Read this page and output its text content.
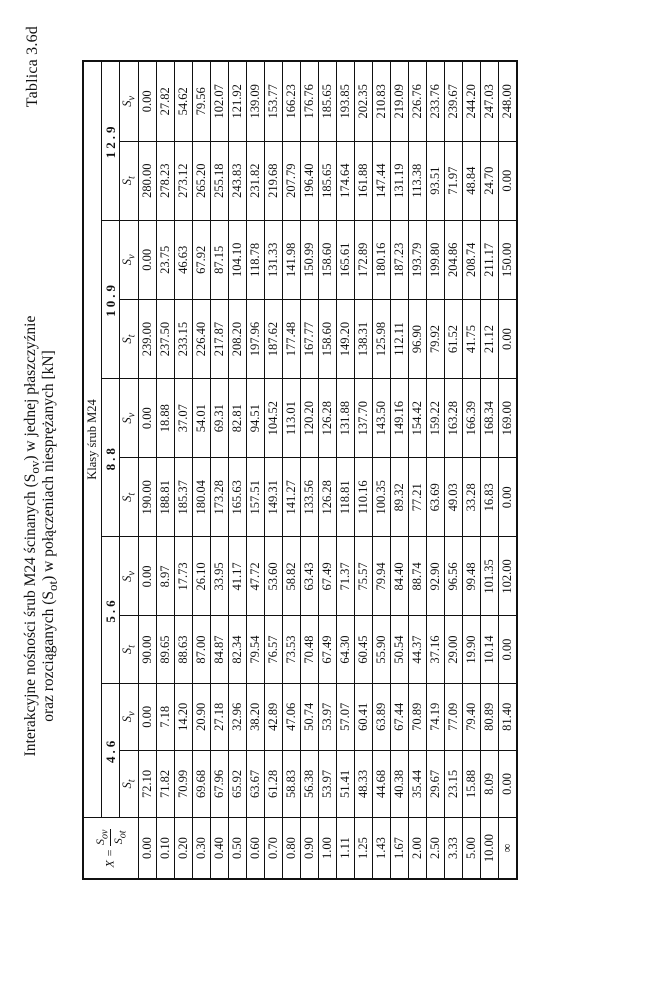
Tablica 3.6d
Interakcyjne nośności śrub M24 ścinanych $(S_{ov})$ w jednej płaszczyźnie
oraz rozciąganych $(S_{ot})$ w połączeniach niesprężanych [kN]
X =
$S_{ov}$
$S_{ot}$	Klasy śrub M24									
	4.6		5.6		8.8		10.9		12.9	
	$S_t$	$S_v$	$S_t$	$S_v$	$S_t$	$S_v$	$S_t$	$S_v$	$S_t$	$S_v$
0.00	72.10	0.00	90.00	0.00	190.00	0.00	239.00	0.00	280.00	0.00
0.10	71.82	7.18	89.65	8.97	188.81	18.88	237.50	23.75	278.23	27.82
0.20	70.99	14.20	88.63	17.73	185.37	37.07	233.15	46.63	273.12	54.62
0.30	69.68	20.90	87.00	26.10	180.04	54.01	226.40	67.92	265.20	79.56
0.40	67.96	27.18	84.87	33.95	173.28	69.31	217.87	87.15	255.18	102.07
0.50	65.92	32.96	82.34	41.17	165.63	82.81	208.20	104.10	243.83	121.92
0.60	63.67	38.20	79.54	47.72	157.51	94.51	197.96	118.78	231.82	139.09
0.70	61.28	42.89	76.57	53.60	149.31	104.52	187.62	131.33	219.68	153.77
0.80	58.83	47.06	73.53	58.82	141.27	113.01	177.48	141.98	207.79	166.23
0.90	56.38	50.74	70.48	63.43	133.56	120.20	167.77	150.99	196.40	176.76
1.00	53.97	53.97	67.49	67.49	126.28	126.28	158.60	158.60	185.65	185.65
1.11	51.41	57.07	64.30	71.37	118.81	131.88	149.20	165.61	174.64	193.85
1.25	48.33	60.41	60.45	75.57	110.16	137.70	138.31	172.89	161.88	202.35
1.43	44.68	63.89	55.90	79.94	100.35	143.50	125.98	180.16	147.44	210.83
1.67	40.38	67.44	50.54	84.40	89.32	149.16	112.11	187.23	131.19	219.09
2.00	35.44	70.89	44.37	88.74	77.21	154.42	96.90	193.79	113.38	226.76
2.50	29.67	74.19	37.16	92.90	63.69	159.22	79.92	199.80	93.51	233.76
3.33	23.15	77.09	29.00	96.56	49.03	163.28	61.52	204.86	71.97	239.67
5.00	15.88	79.40	19.90	99.48	33.28	166.39	41.75	208.74	48.84	244.20
10.00	8.09	80.89	10.14	101.35	16.83	168.34	21.12	211.17	24.70	247.03
∞	0.00	81.40	0.00	102.00	0.00	169.00	0.00	150.00	0.00	248.00
